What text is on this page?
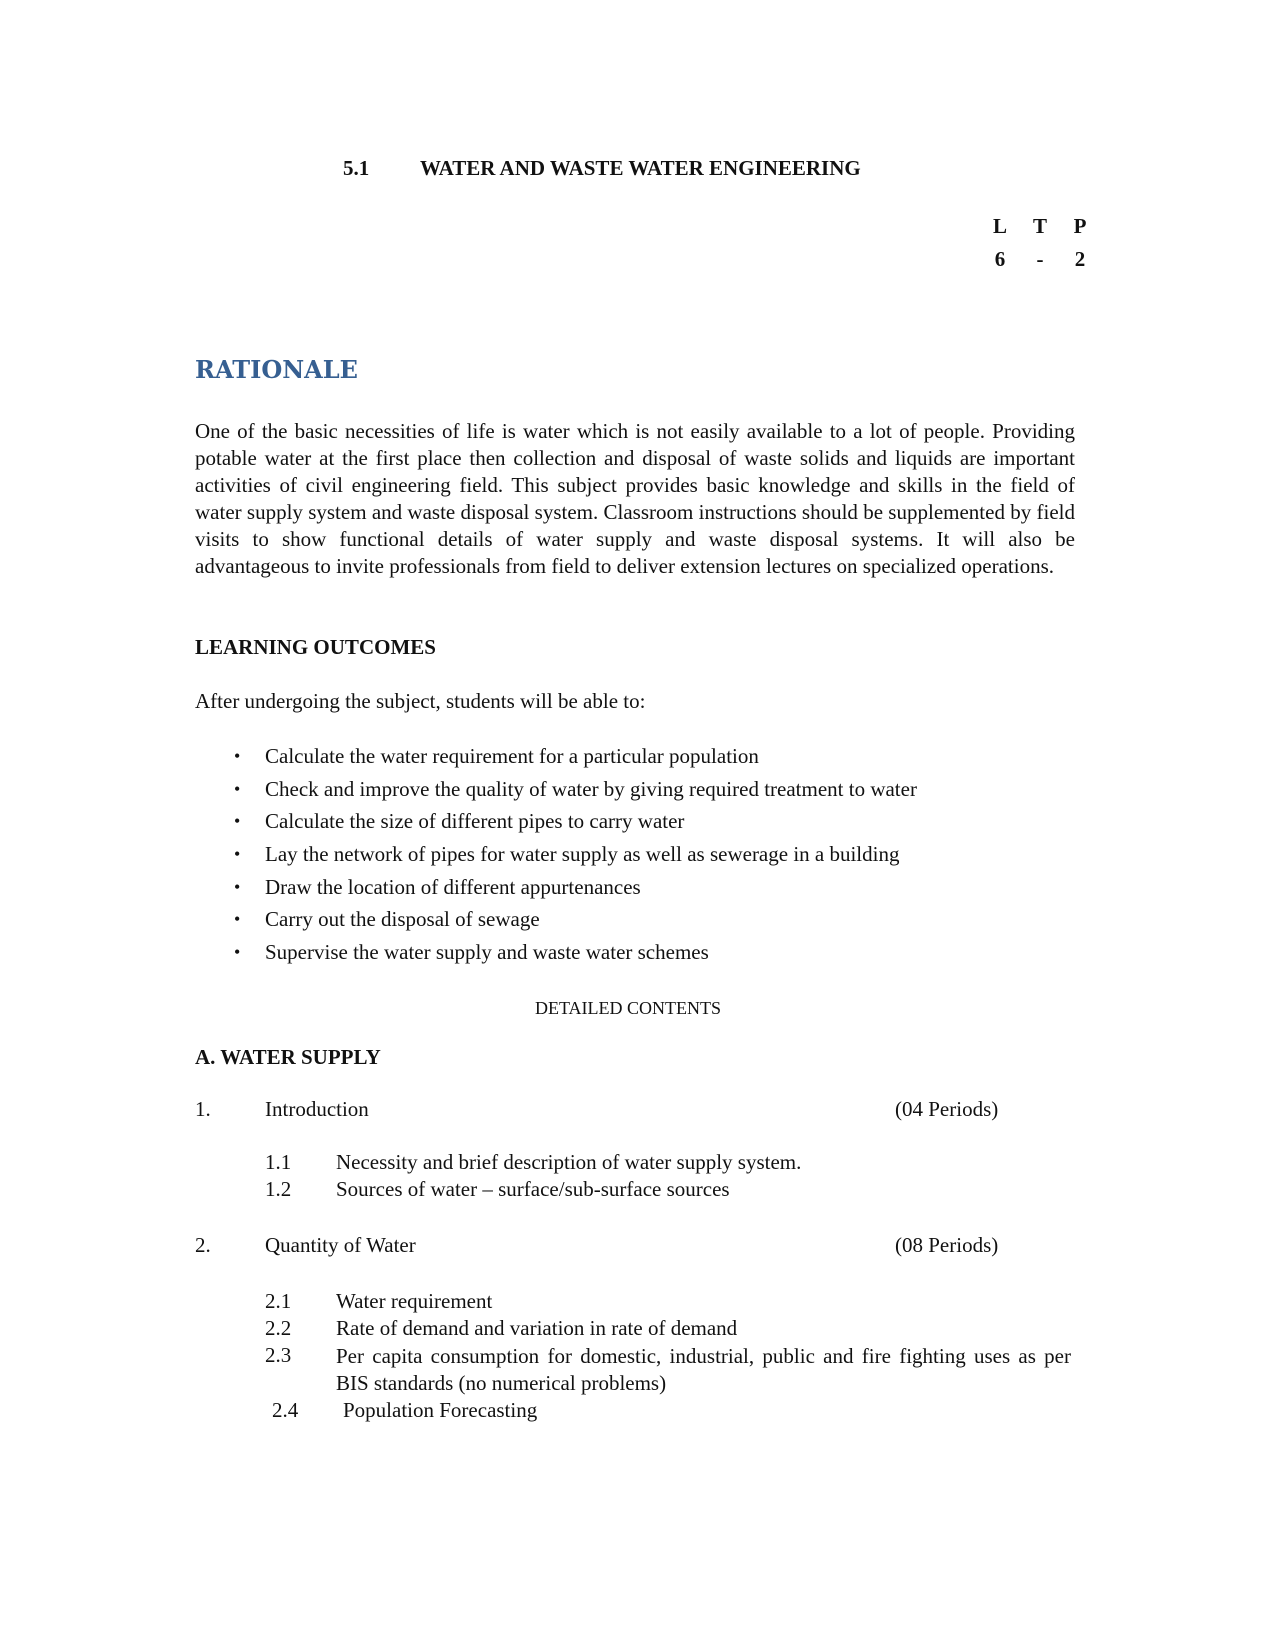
5.1 WATER AND WASTE WATER ENGINEERING
L	T	P
6	-	2
RATIONALE
One of the basic necessities of life is water which is not easily available to a lot of people. Providing potable water at the first place then collection and disposal of waste solids and liquids are important activities of civil engineering field. This subject provides basic knowledge and skills in the field of water supply system and waste disposal system. Classroom instructions should be supplemented by field visits to show functional details of water supply and waste disposal systems. It will also be advantageous to invite professionals from field to deliver extension lectures on specialized operations.
LEARNING OUTCOMES
After undergoing the subject, students will be able to:
• Calculate the water requirement for a particular population
• Check and improve the quality of water by giving required treatment to water
• Calculate the size of different pipes to carry water
• Lay the network of pipes for water supply as well as sewerage in a building
• Draw the location of different appurtenances
• Carry out the disposal of sewage
• Supervise the water supply and waste water schemes
DETAILED CONTENTS
A. WATER SUPPLY
1.	Introduction	(04 Periods)
1.1 Necessity and brief description of water supply system.
1.2 Sources of water – surface/sub-surface sources
2.	Quantity of Water	(08 Periods)
2.1 Water requirement
2.2 Rate of demand and variation in rate of demand
2.3 Per capita consumption for domestic, industrial, public and fire fighting uses as per BIS standards (no numerical problems)
2.4 Population Forecasting
